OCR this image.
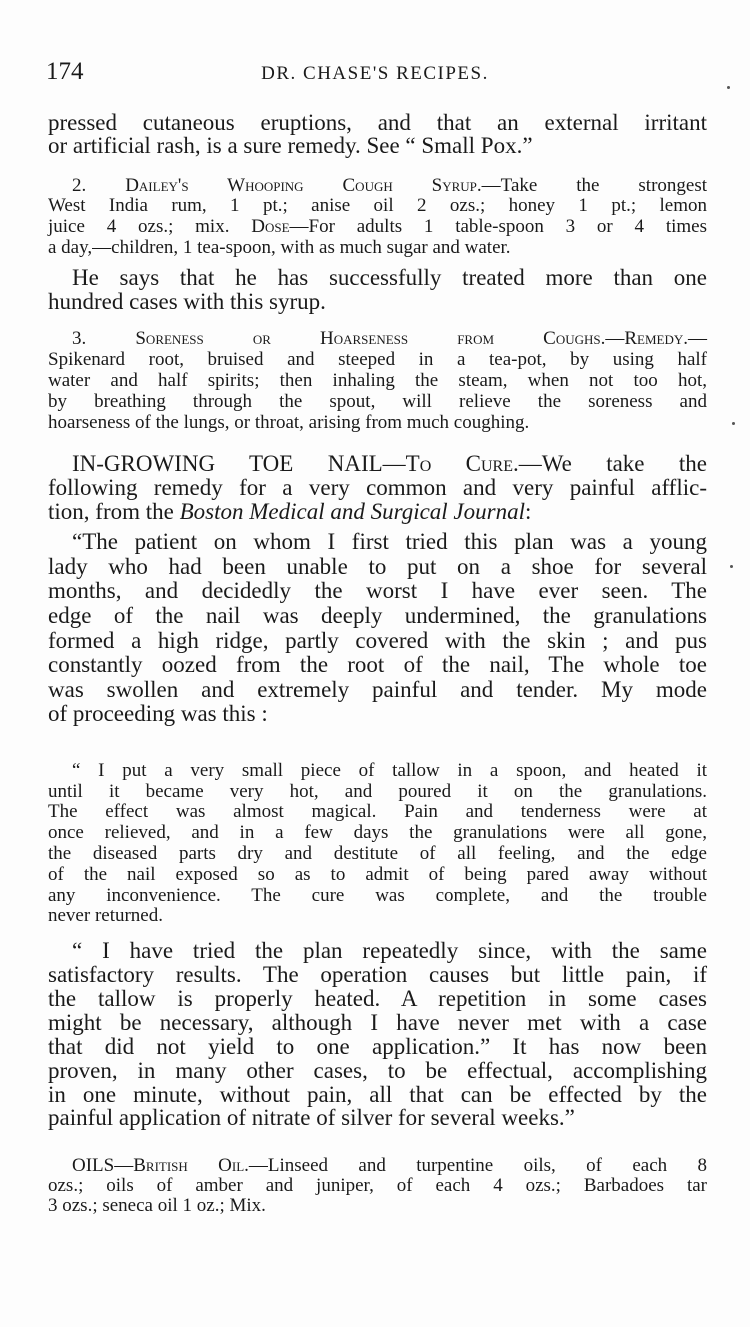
174	DR. CHASE'S RECIPES.
pressed cutaneous eruptions, and that an external irritant
or artificial rash, is a sure remedy. See “ Small Pox.”
2. Dailey's Whooping Cough Syrup.—Take the strongest
West India rum, 1 pt.; anise oil 2 ozs.; honey 1 pt.; lemon
juice 4 ozs.; mix. Dose—For adults 1 table-spoon 3 or 4 times
a day,—children, 1 tea-spoon, with as much sugar and water.
He says that he has successfully treated more than one
hundred cases with this syrup.
3. Soreness or Hoarseness from Coughs.—Remedy.—
Spikenard root, bruised and steeped in a tea-pot, by using half
water and half spirits; then inhaling the steam, when not too hot,
by breathing through the spout, will relieve the soreness and
hoarseness of the lungs, or throat, arising from much coughing.
IN-GROWING TOE NAIL—To Cure.—We take the
following remedy for a very common and very painful afflic-
tion, from the Boston Medical and Surgical Journal:
“The patient on whom I first tried this plan was a young
lady who had been unable to put on a shoe for several
months, and decidedly the worst I have ever seen. The
edge of the nail was deeply undermined, the granulations
formed a high ridge, partly covered with the skin ; and pus
constantly oozed from the root of the nail, The whole toe
was swollen and extremely painful and tender. My mode
of proceeding was this :
“ I put a very small piece of tallow in a spoon, and heated it
until it became very hot, and poured it on the granulations.
The effect was almost magical. Pain and tenderness were at
once relieved, and in a few days the granulations were all gone,
the diseased parts dry and destitute of all feeling, and the edge
of the nail exposed so as to admit of being pared away without
any inconvenience. The cure was complete, and the trouble
never returned.
“ I have tried the plan repeatedly since, with the same
satisfactory results. The operation causes but little pain, if
the tallow is properly heated. A repetition in some cases
might be necessary, although I have never met with a case
that did not yield to one application.” It has now been
proven, in many other cases, to be effectual, accomplishing
in one minute, without pain, all that can be effected by the
painful application of nitrate of silver for several weeks.”
OILS—British Oil.—Linseed and turpentine oils, of each 8
ozs.; oils of amber and juniper, of each 4 ozs.; Barbadoes tar
3 ozs.; seneca oil 1 oz.; Mix.
